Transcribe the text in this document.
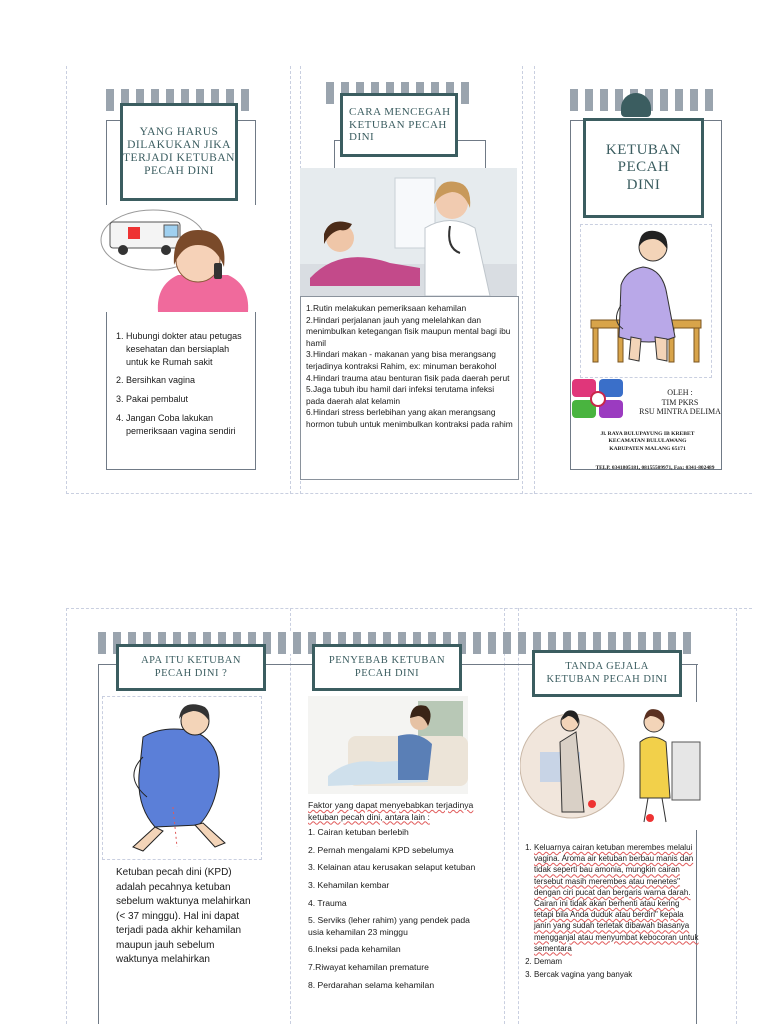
YANG HARUS DILAKUKAN JIKA TERJADI KETUBAN PECAH DINI
1. Hubungi dokter atau petugas kesehatan dan bersiaplah untuk ke Rumah sakit
2. Bersihkan vagina
3. Pakai pembalut
4. Jangan Coba lakukan pemeriksaan vagina sendiri
CARA MENCEGAH KETUBAN PECAH DINI
1.Rutin melakukan pemeriksaan kehamilan
2.Hindari perjalanan jauh yang melelahkan dan menimbulkan ketegangan fisik maupun mental bagi ibu hamil
3.Hindari makan - makanan yang bisa merangsang terjadinya kontraksi Rahim, ex: minuman berakohol
4.Hindari trauma atau benturan fisik pada daerah perut
5.Jaga tubuh ibu hamil dari infeksi terutama infeksi pada daerah alat kelamin
6.Hindari stress berlebihan yang akan merangsang hormon tubuh untuk menimbulkan kontraksi pada rahim
KETUBAN PECAH DINI
OLEH :
TIM PKRS
RSU MINTRA DELIMA
Jl. RAYA BULUPAYUNG IB KREBET
KECAMATAN BULULAWANG
KABUPATEN MALANG 65171
TELP. 0341805181, 08155509971, Fax: 0341-802489
APA ITU KETUBAN PECAH DINI ?
Ketuban pecah dini (KPD) adalah pecahnya ketuban sebelum waktunya melahirkan (< 37 minggu). Hal ini dapat terjadi pada akhir kehamilan maupun jauh sebelum waktunya melahirkan
PENYEBAB KETUBAN PECAH DINI
Faktor yang dapat menyebabkan terjadinya ketuban pecah dini, antara lain :
1. Cairan ketuban berlebih
2. Pernah mengalami KPD sebelumya
3. Kelainan atau kerusakan selaput ketuban
3. Kehamilan kembar
4. Trauma
5. Serviks (leher rahim) yang pendek pada usia kehamilan 23 minggu
6.Ineksi pada kehamilan
7.Riwayat kehamilan premature
8. Perdarahan selama kehamilan
TANDA GEJALA KETUBAN PECAH DINI
1. Keluarnya cairan ketuban merembes melalui vagina. Aroma air ketuban berbau manis dan tidak seperti bau amonia, mungkin cairan tersebut masih merembes atau menetes" dengan ciri pucat dan bergaris warna darah. Cairan ini tidak akan berhenti atau kering tetapi bila Anda duduk atau berdiri" kepala janin yang sudah terletak dibawah biasanya mengganjal atau menyumbat kebocoran untuk sementara
2. Demam
3. Bercak vagina yang banyak
